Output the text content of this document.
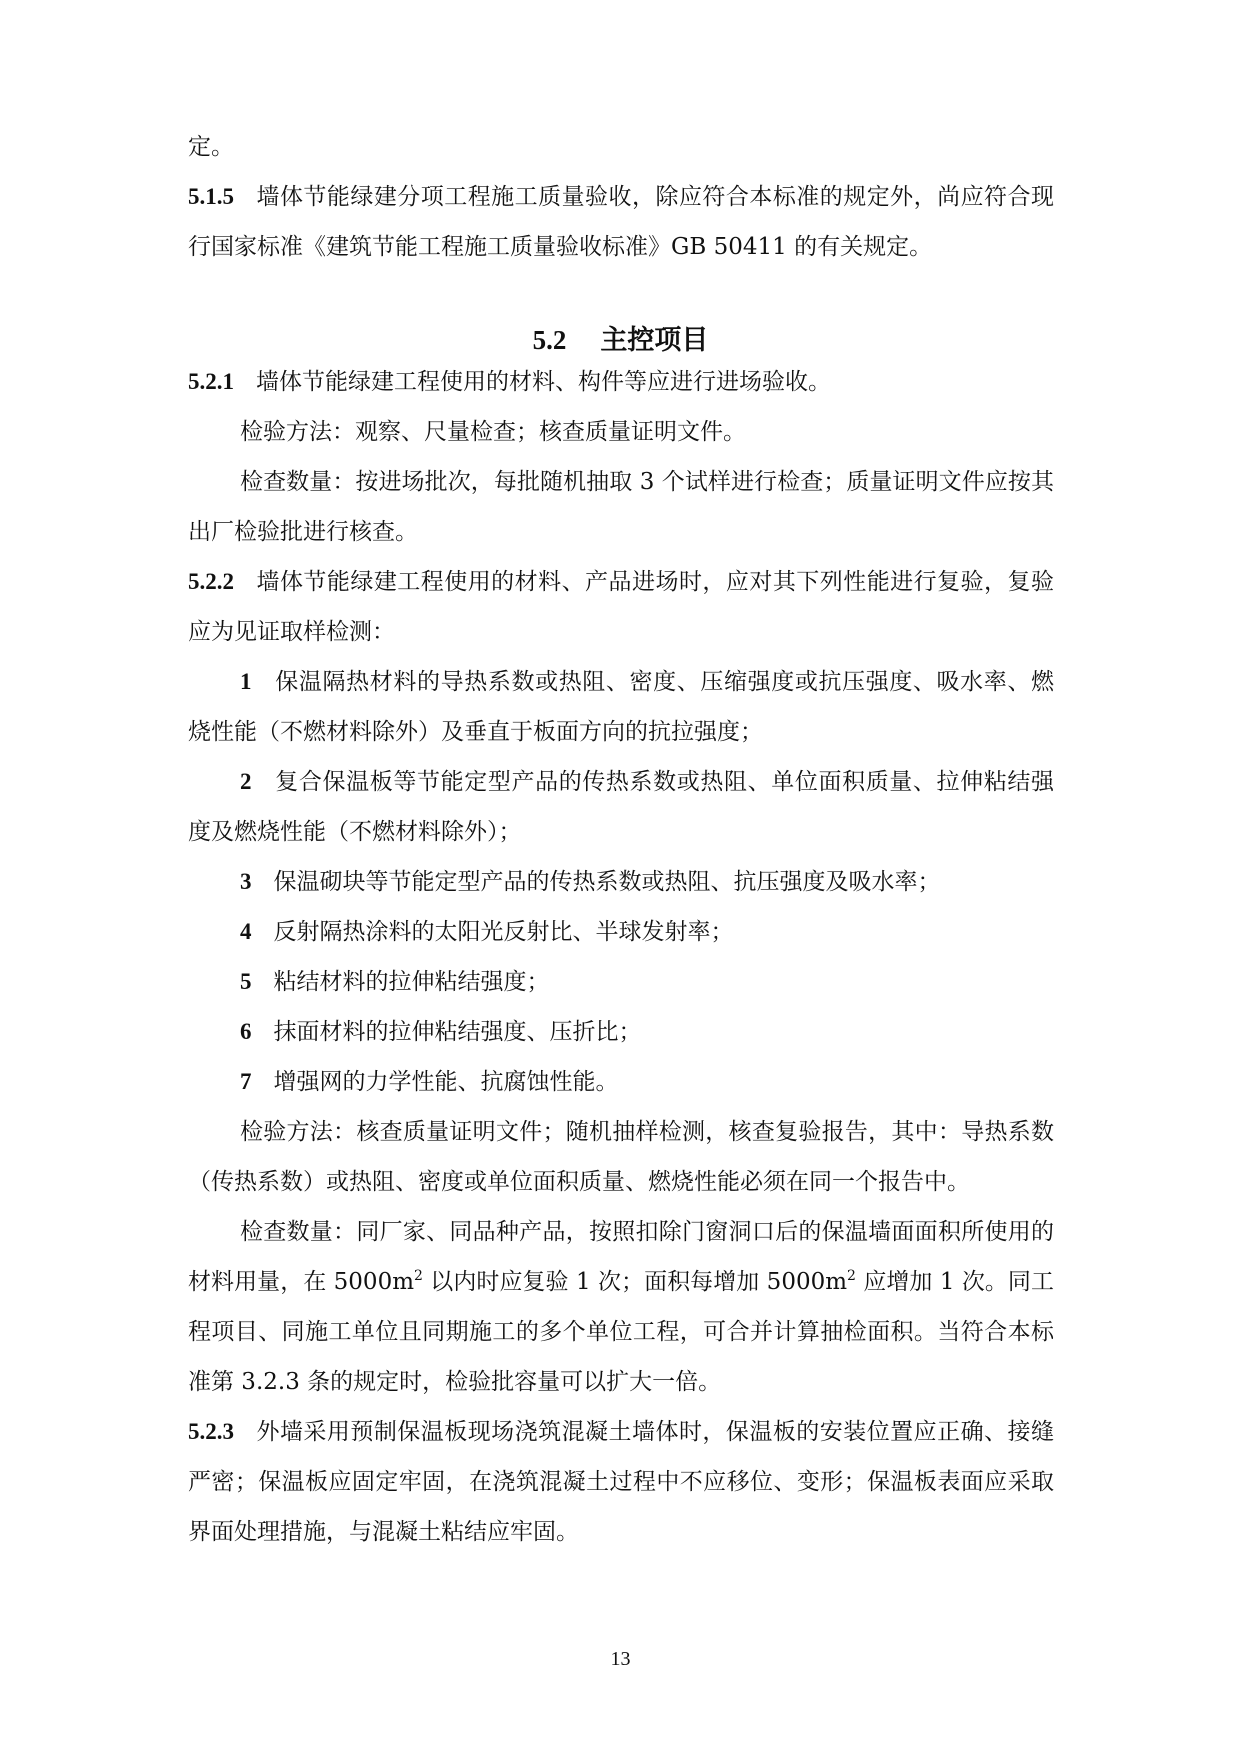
定。

5.1.5 墙体节能绿建分项工程施工质量验收，除应符合本标准的规定外，尚应符合现行国家标准《建筑节能工程施工质量验收标准》GB 50411 的有关规定。

5.2 主控项目

5.2.1 墙体节能绿建工程使用的材料、构件等应进行进场验收。

检验方法：观察、尺量检查；核查质量证明文件。

检查数量：按进场批次，每批随机抽取 3 个试样进行检查；质量证明文件应按其出厂检验批进行核查。

5.2.2 墙体节能绿建工程使用的材料、产品进场时，应对其下列性能进行复验，复验应为见证取样检测：

1 保温隔热材料的导热系数或热阻、密度、压缩强度或抗压强度、吸水率、燃烧性能（不燃材料除外）及垂直于板面方向的抗拉强度；

2 复合保温板等节能定型产品的传热系数或热阻、单位面积质量、拉伸粘结强度及燃烧性能（不燃材料除外）；

3 保温砌块等节能定型产品的传热系数或热阻、抗压强度及吸水率；

4 反射隔热涂料的太阳光反射比、半球发射率；

5 粘结材料的拉伸粘结强度；

6 抹面材料的拉伸粘结强度、压折比；

7 增强网的力学性能、抗腐蚀性能。

检验方法：核查质量证明文件；随机抽样检测，核查复验报告，其中：导热系数（传热系数）或热阻、密度或单位面积质量、燃烧性能必须在同一个报告中。

检查数量：同厂家、同品种产品，按照扣除门窗洞口后的保温墙面面积所使用的材料用量，在 $5000m^2$ 以内时应复验 1 次；面积每增加 $5000m^2$ 应增加 1 次。同工程项目、同施工单位且同期施工的多个单位工程，可合并计算抽检面积。当符合本标准第 3.2.3 条的规定时，检验批容量可以扩大一倍。

5.2.3 外墙采用预制保温板现场浇筑混凝土墙体时，保温板的安装位置应正确、接缝严密；保温板应固定牢固，在浇筑混凝土过程中不应移位、变形；保温板表面应采取界面处理措施，与混凝土粘结应牢固。

13
